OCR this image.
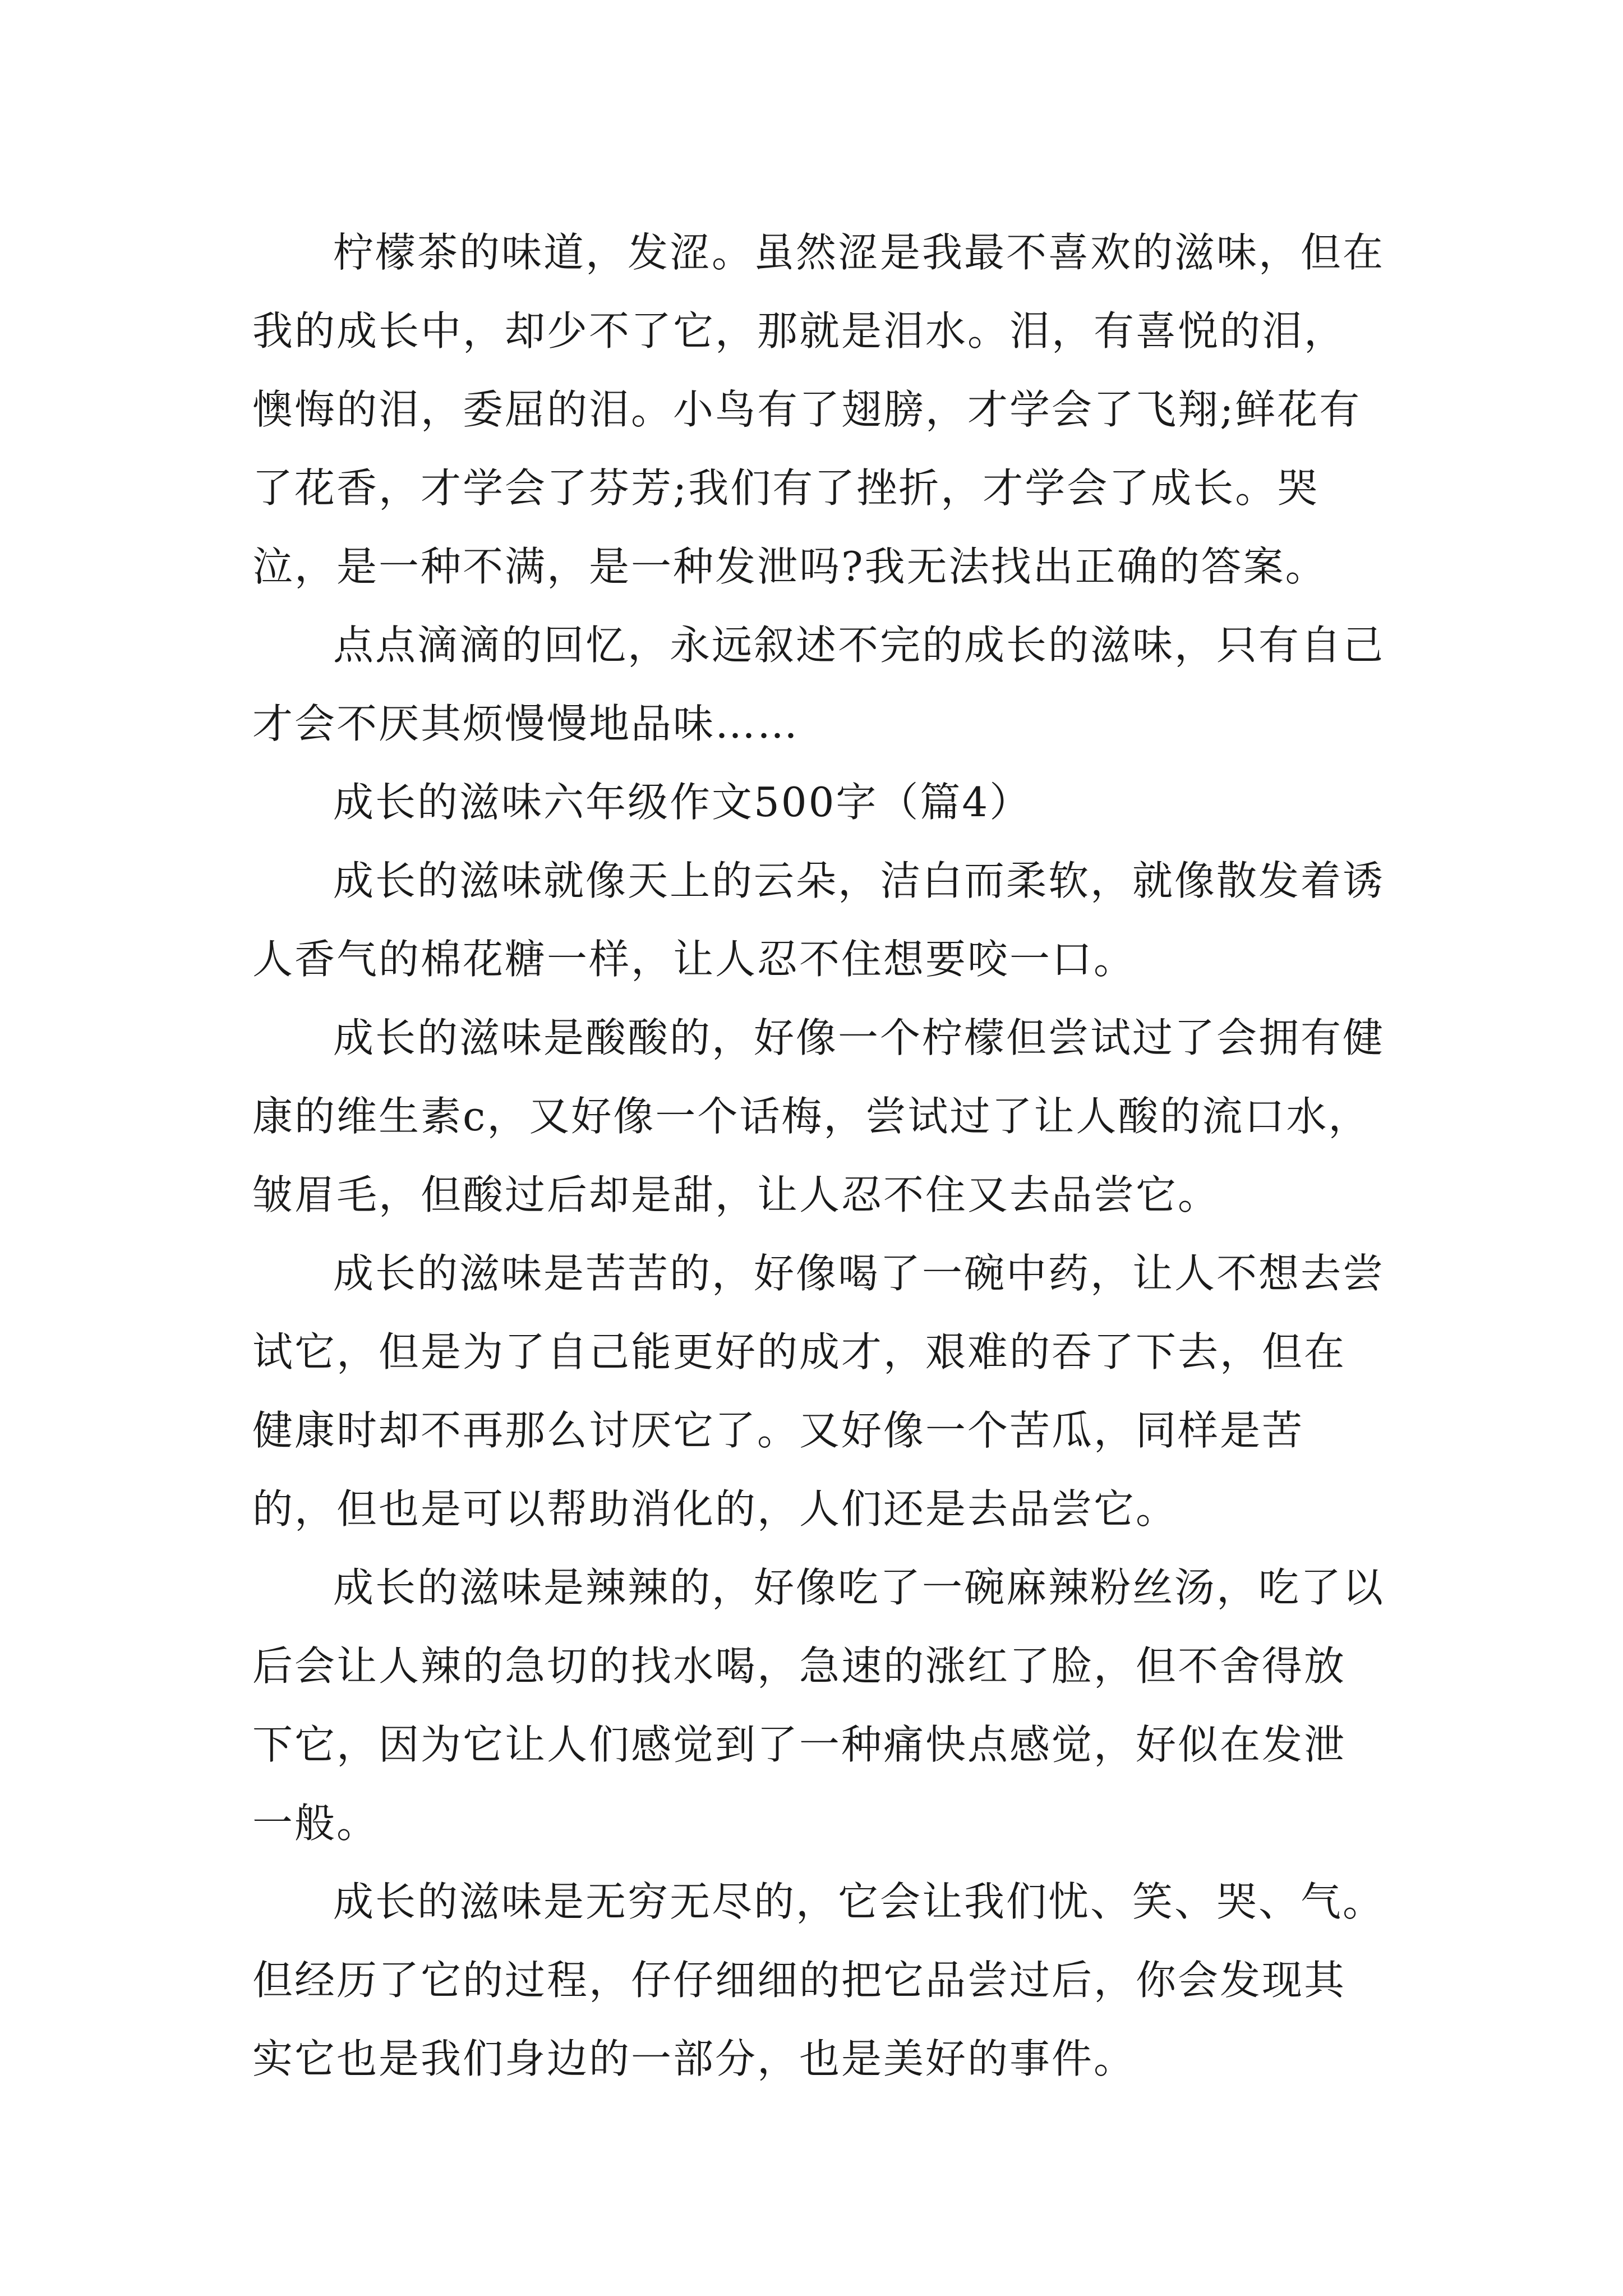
柠檬茶的味道，发涩。虽然涩是我最不喜欢的滋味，但在我的成长中，却少不了它，那就是泪水。泪，有喜悦的泪，懊悔的泪，委屈的泪。小鸟有了翅膀，才学会了飞翔;鲜花有了花香，才学会了芬芳;我们有了挫折，才学会了成长。哭泣，是一种不满，是一种发泄吗?我无法找出正确的答案。

点点滴滴的回忆，永远叙述不完的成长的滋味，只有自己才会不厌其烦慢慢地品味……

成长的滋味六年级作文500字（篇4）

成长的滋味就像天上的云朵，洁白而柔软，就像散发着诱人香气的棉花糖一样，让人忍不住想要咬一口。

成长的滋味是酸酸的，好像一个柠檬但尝试过了会拥有健康的维生素c，又好像一个话梅，尝试过了让人酸的流口水，皱眉毛，但酸过后却是甜，让人忍不住又去品尝它。

成长的滋味是苦苦的，好像喝了一碗中药，让人不想去尝试它，但是为了自己能更好的成才，艰难的吞了下去，但在健康时却不再那么讨厌它了。又好像一个苦瓜，同样是苦的，但也是可以帮助消化的，人们还是去品尝它。

成长的滋味是辣辣的，好像吃了一碗麻辣粉丝汤，吃了以后会让人辣的急切的找水喝，急速的涨红了脸，但不舍得放下它，因为它让人们感觉到了一种痛快点感觉，好似在发泄一般。

成长的滋味是无穷无尽的，它会让我们忧、笑、哭、气。但经历了它的过程，仔仔细细的把它品尝过后，你会发现其实它也是我们身边的一部分，也是美好的事件。
